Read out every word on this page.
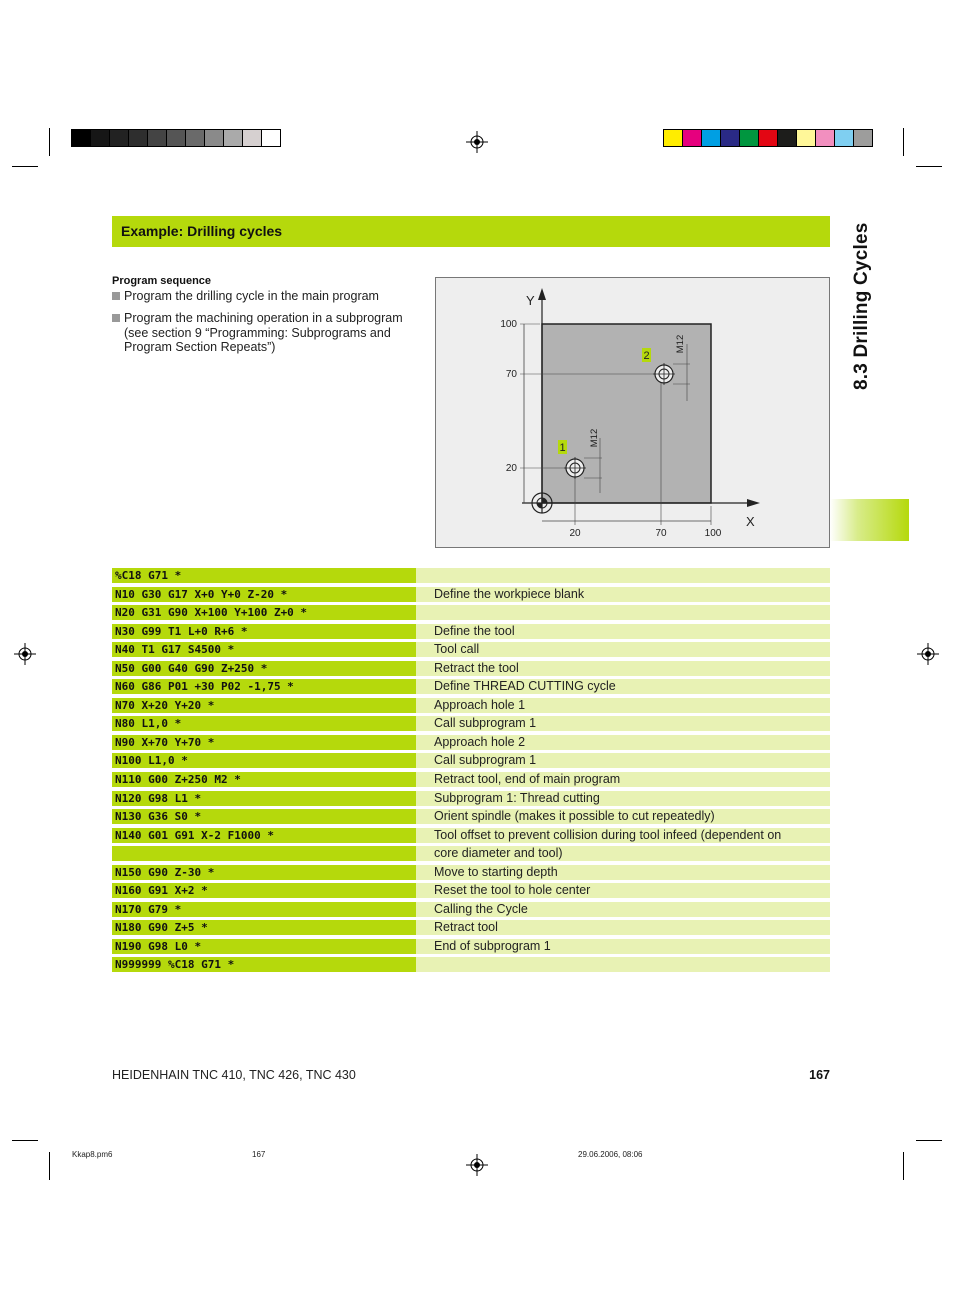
Example: Drilling cycles	8.3 Drilling Cycles
Program sequence
Program the drilling cycle in the main program
Program the machining operation in a subprogram (see section 9 “Programming: Subprograms and Program Section Repeats”)
Y
X
100
70
20
20	70	100
1
M12
2
M12
%C18 G71 *
N10 G30 G17 X+0 Y+0 Z-20 *	Define the workpiece blank
N20 G31 G90 X+100 Y+100 Z+0 *
N30 G99 T1 L+0 R+6 *	Define the tool
N40 T1 G17 S4500 *	Tool call
N50 G00 G40 G90 Z+250 *	Retract the tool
N60 G86 P01 +30 P02 -1,75 *	Define THREAD CUTTING cycle
N70 X+20 Y+20 *	Approach hole 1
N80 L1,0 *	Call subprogram 1
N90 X+70 Y+70 *	Approach hole 2
N100 L1,0 *	Call subprogram 1
N110 G00 Z+250 M2 *	Retract tool, end of main program
N120 G98 L1 *	Subprogram 1: Thread cutting
N130 G36 S0 *	Orient spindle (makes it possible to cut repeatedly)
N140 G01 G91 X-2 F1000 *	Tool offset to prevent collision during tool infeed (dependent on
core diameter and tool)
N150 G90 Z-30 *	Move to starting depth
N160 G91 X+2 *	Reset the tool to hole center
N170 G79 *	Calling the Cycle
N180 G90 Z+5 *	Retract tool
N190 G98 L0 *	End of subprogram 1
N999999 %C18 G71 *
HEIDENHAIN TNC 410, TNC 426, TNC 430	167
Kkap8.pm6	167	29.06.2006, 08:06
